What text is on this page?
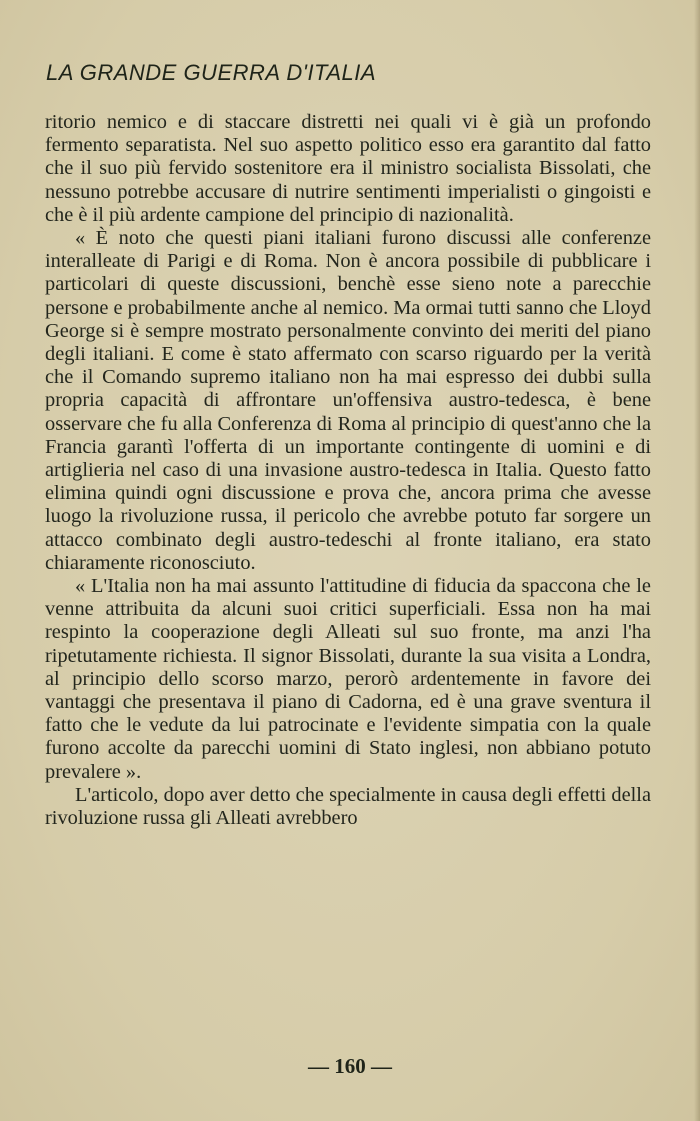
LA GRANDE GUERRA D'ITALIA

ritorio nemico e di staccare distretti nei quali vi è già un profondo fermento separatista. Nel suo aspetto politico esso era garantito dal fatto che il suo più fervido sostenitore era il ministro socialista Bissolati, che nessuno potrebbe accusare di nutrire sentimenti imperialisti o gingoisti e che è il più ardente campione del principio di nazionalità.

« È noto che questi piani italiani furono discussi alle conferenze interalleate di Parigi e di Roma. Non è ancora possibile di pubblicare i particolari di queste discussioni, benchè esse sieno note a parecchie persone e probabilmente anche al nemico. Ma ormai tutti sanno che Lloyd George si è sempre mostrato personalmente convinto dei meriti del piano degli italiani. E come è stato affermato con scarso riguardo per la verità che il Comando supremo italiano non ha mai espresso dei dubbi sulla propria capacità di affrontare un'offensiva austro-tedesca, è bene osservare che fu alla Conferenza di Roma al principio di quest'anno che la Francia garantì l'offerta di un importante contingente di uomini e di artiglieria nel caso di una invasione austro-tedesca in Italia. Questo fatto elimina quindi ogni discussione e prova che, ancora prima che avesse luogo la rivoluzione russa, il pericolo che avrebbe potuto far sorgere un attacco combinato degli austro-tedeschi al fronte italiano, era stato chiaramente riconosciuto.

« L'Italia non ha mai assunto l'attitudine di fiducia da spaccona che le venne attribuita da alcuni suoi critici superficiali. Essa non ha mai respinto la cooperazione degli Alleati sul suo fronte, ma anzi l'ha ripetutamente richiesta. Il signor Bissolati, durante la sua visita a Londra, al principio dello scorso marzo, perorò ardentemente in favore dei vantaggi che presentava il piano di Cadorna, ed è una grave sventura il fatto che le vedute da lui patrocinate e l'evidente simpatia con la quale furono accolte da parecchi uomini di Stato inglesi, non abbiano potuto prevalere ».

L'articolo, dopo aver detto che specialmente in causa degli effetti della rivoluzione russa gli Alleati avrebbero

— 160 —
